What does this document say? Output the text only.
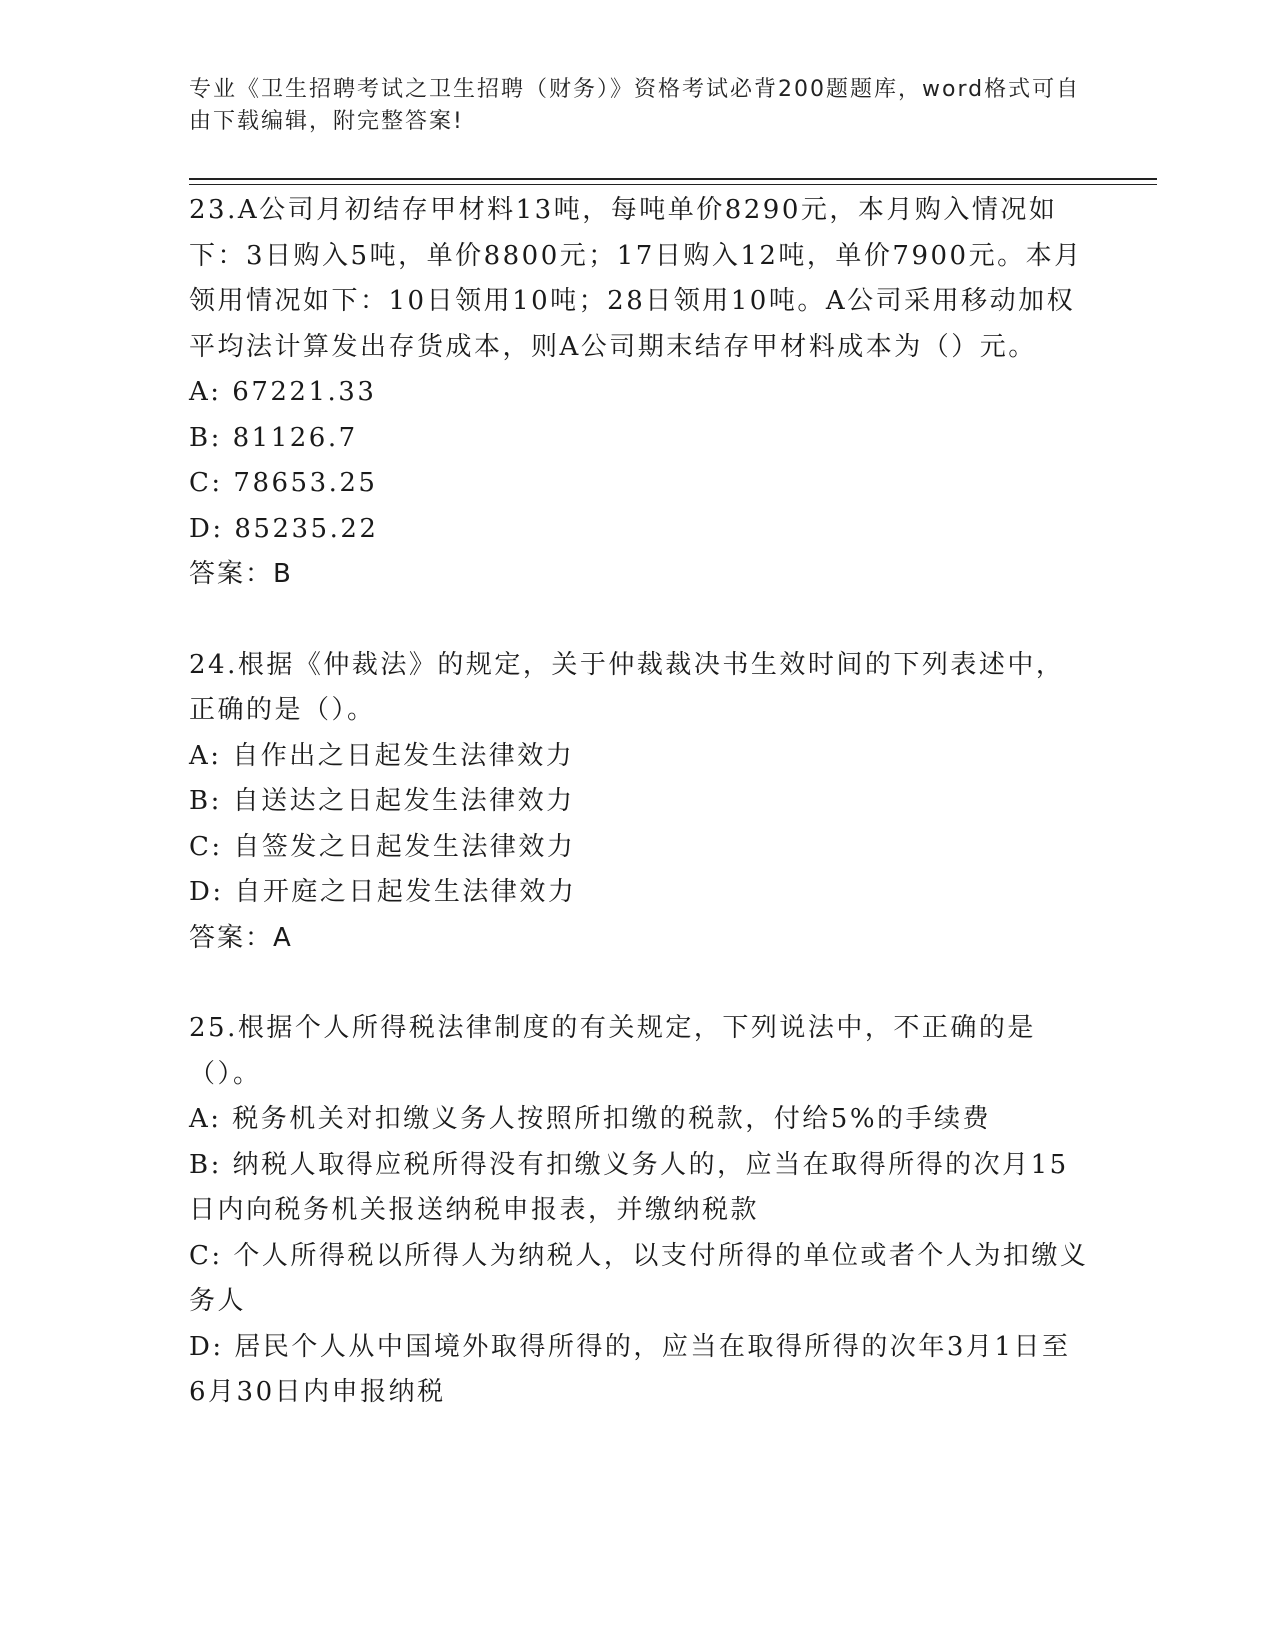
专业《卫生招聘考试之卫生招聘（财务）》资格考试必背200题题库，word格式可自由下载编辑，附完整答案!

23.A公司月初结存甲材料13吨，每吨单价8290元，本月购入情况如下：3日购入5吨，单价8800元；17日购入12吨，单价7900元。本月领用情况如下：10日领用10吨；28日领用10吨。A公司采用移动加权平均法计算发出存货成本，则A公司期末结存甲材料成本为（）元。

A: 67221.33

B: 81126.7

C: 78653.25

D: 85235.22

答案：B

24.根据《仲裁法》的规定，关于仲裁裁决书生效时间的下列表述中，正确的是（）。

A: 自作出之日起发生法律效力

B: 自送达之日起发生法律效力

C: 自签发之日起发生法律效力

D: 自开庭之日起发生法律效力

答案：A

25.根据个人所得税法律制度的有关规定，下列说法中，不正确的是（）。

A: 税务机关对扣缴义务人按照所扣缴的税款，付给5%的手续费

B: 纳税人取得应税所得没有扣缴义务人的，应当在取得所得的次月15日内向税务机关报送纳税申报表，并缴纳税款

C: 个人所得税以所得人为纳税人，以支付所得的单位或者个人为扣缴义务人

D: 居民个人从中国境外取得所得的，应当在取得所得的次年3月1日至6月30日内申报纳税
